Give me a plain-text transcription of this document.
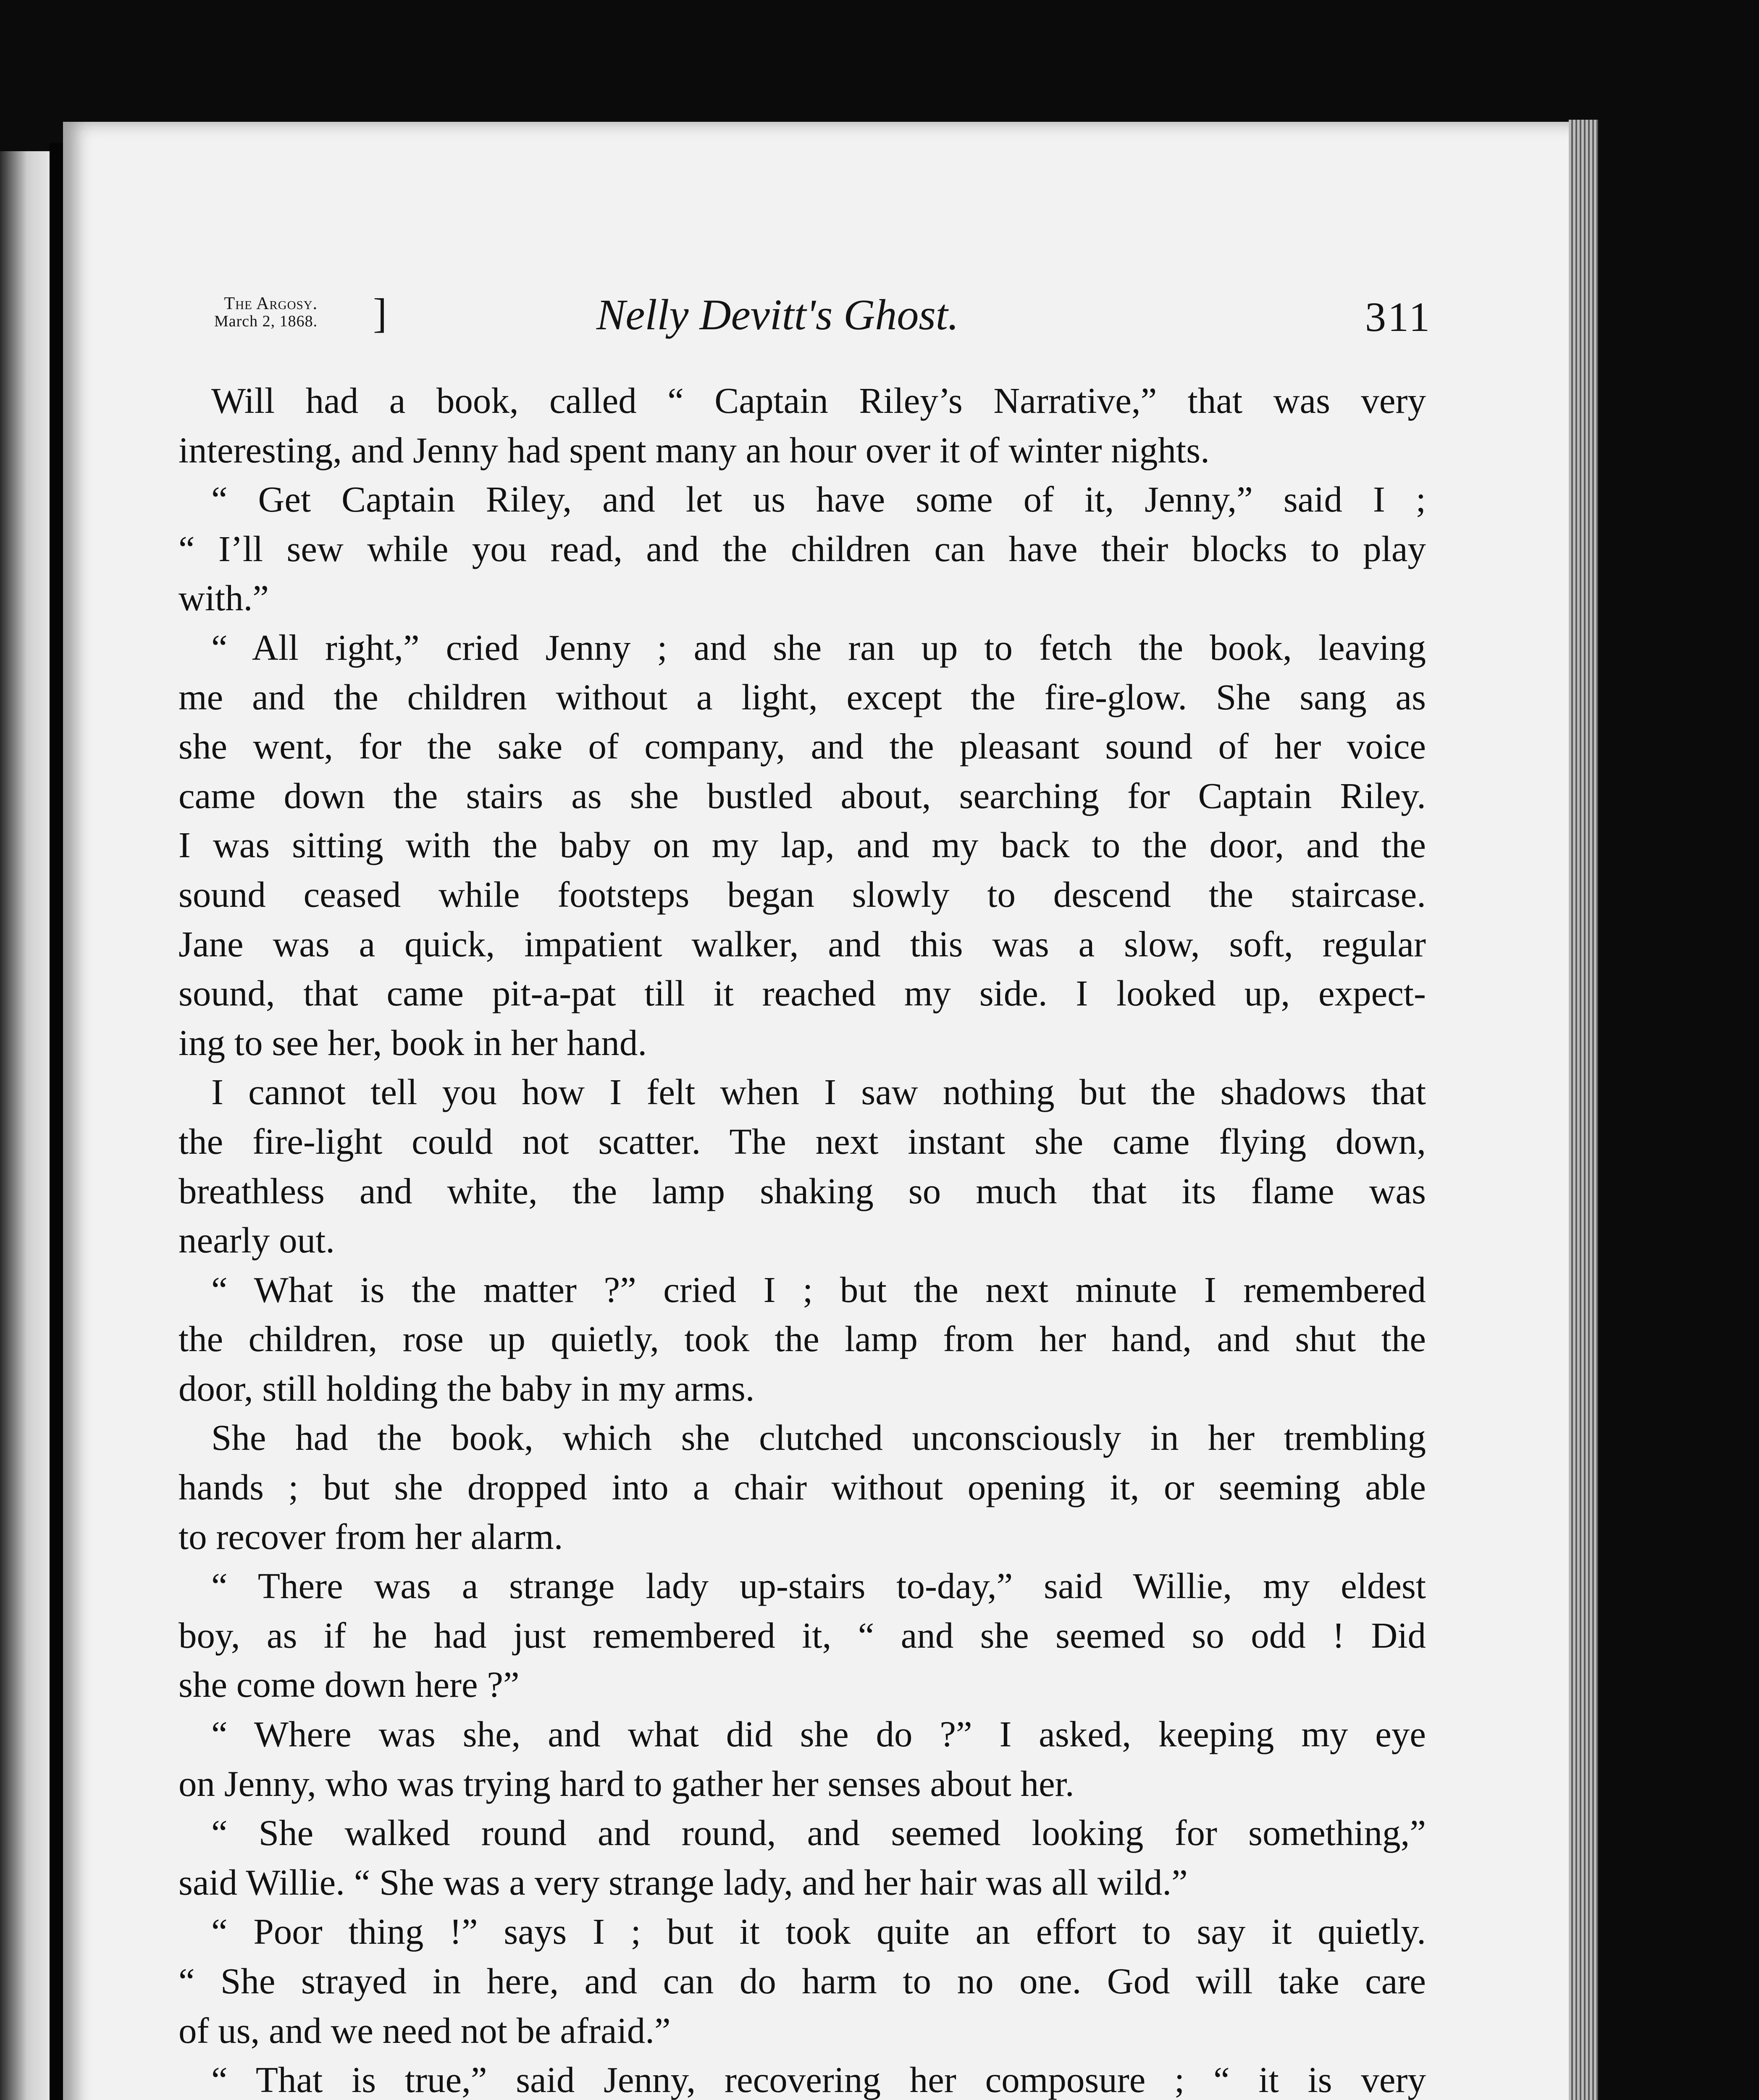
The Argosy.
March 2, 1868. ]	Nelly Devitt's Ghost.	311
Will had a book, called “ Captain Riley’s Narrative,” that was very
interesting, and Jenny had spent many an hour over it of winter nights.
“ Get Captain Riley, and let us have some of it, Jenny,” said I ;
“ I’ll sew while you read, and the children can have their blocks to play
with.”
“ All right,” cried Jenny ; and she ran up to fetch the book, leaving
me and the children without a light, except the fire-glow. She sang as
she went, for the sake of company, and the pleasant sound of her voice
came down the stairs as she bustled about, searching for Captain Riley.
I was sitting with the baby on my lap, and my back to the door, and the
sound ceased while footsteps began slowly to descend the staircase.
Jane was a quick, impatient walker, and this was a slow, soft, regular
sound, that came pit-a-pat till it reached my side. I looked up, expect-
ing to see her, book in her hand.
I cannot tell you how I felt when I saw nothing but the shadows that
the fire-light could not scatter. The next instant she came flying down,
breathless and white, the lamp shaking so much that its flame was
nearly out.
“ What is the matter ?” cried I ; but the next minute I remembered
the children, rose up quietly, took the lamp from her hand, and shut the
door, still holding the baby in my arms.
She had the book, which she clutched unconsciously in her trembling
hands ; but she dropped into a chair without opening it, or seeming able
to recover from her alarm.
“ There was a strange lady up-stairs to-day,” said Willie, my eldest
boy, as if he had just remembered it, “ and she seemed so odd ! Did
she come down here ?”
“ Where was she, and what did she do ?” I asked, keeping my eye
on Jenny, who was trying hard to gather her senses about her.
“ She walked round and round, and seemed looking for something,”
said Willie. “ She was a very strange lady, and her hair was all wild.”
“ Poor thing !” says I ; but it took quite an effort to say it quietly.
“ She strayed in here, and can do harm to no one. God will take care
of us, and we need not be afraid.”
“ That is true,” said Jenny, recovering her composure ; “ it is very
